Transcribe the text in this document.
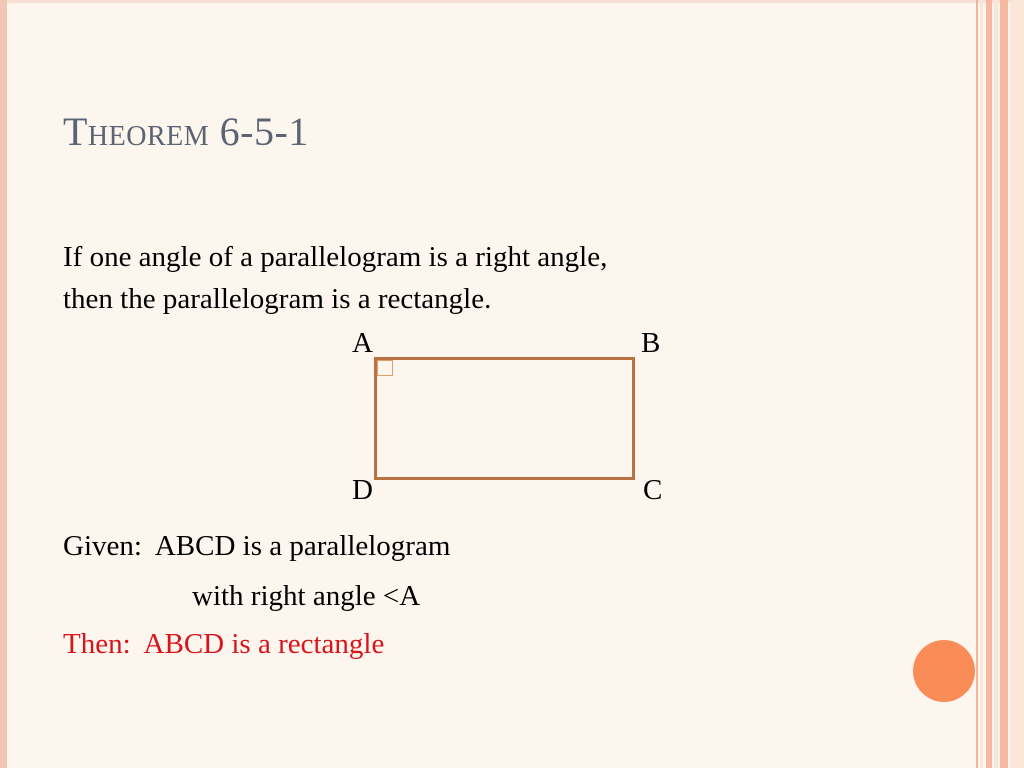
Theorem 6-5-1
If one angle of a parallelogram is a right angle,
then the parallelogram is a rectangle.
A	B
D	C
Given:  ABCD is a parallelogram
with right angle <A
Then:  ABCD is a rectangle
